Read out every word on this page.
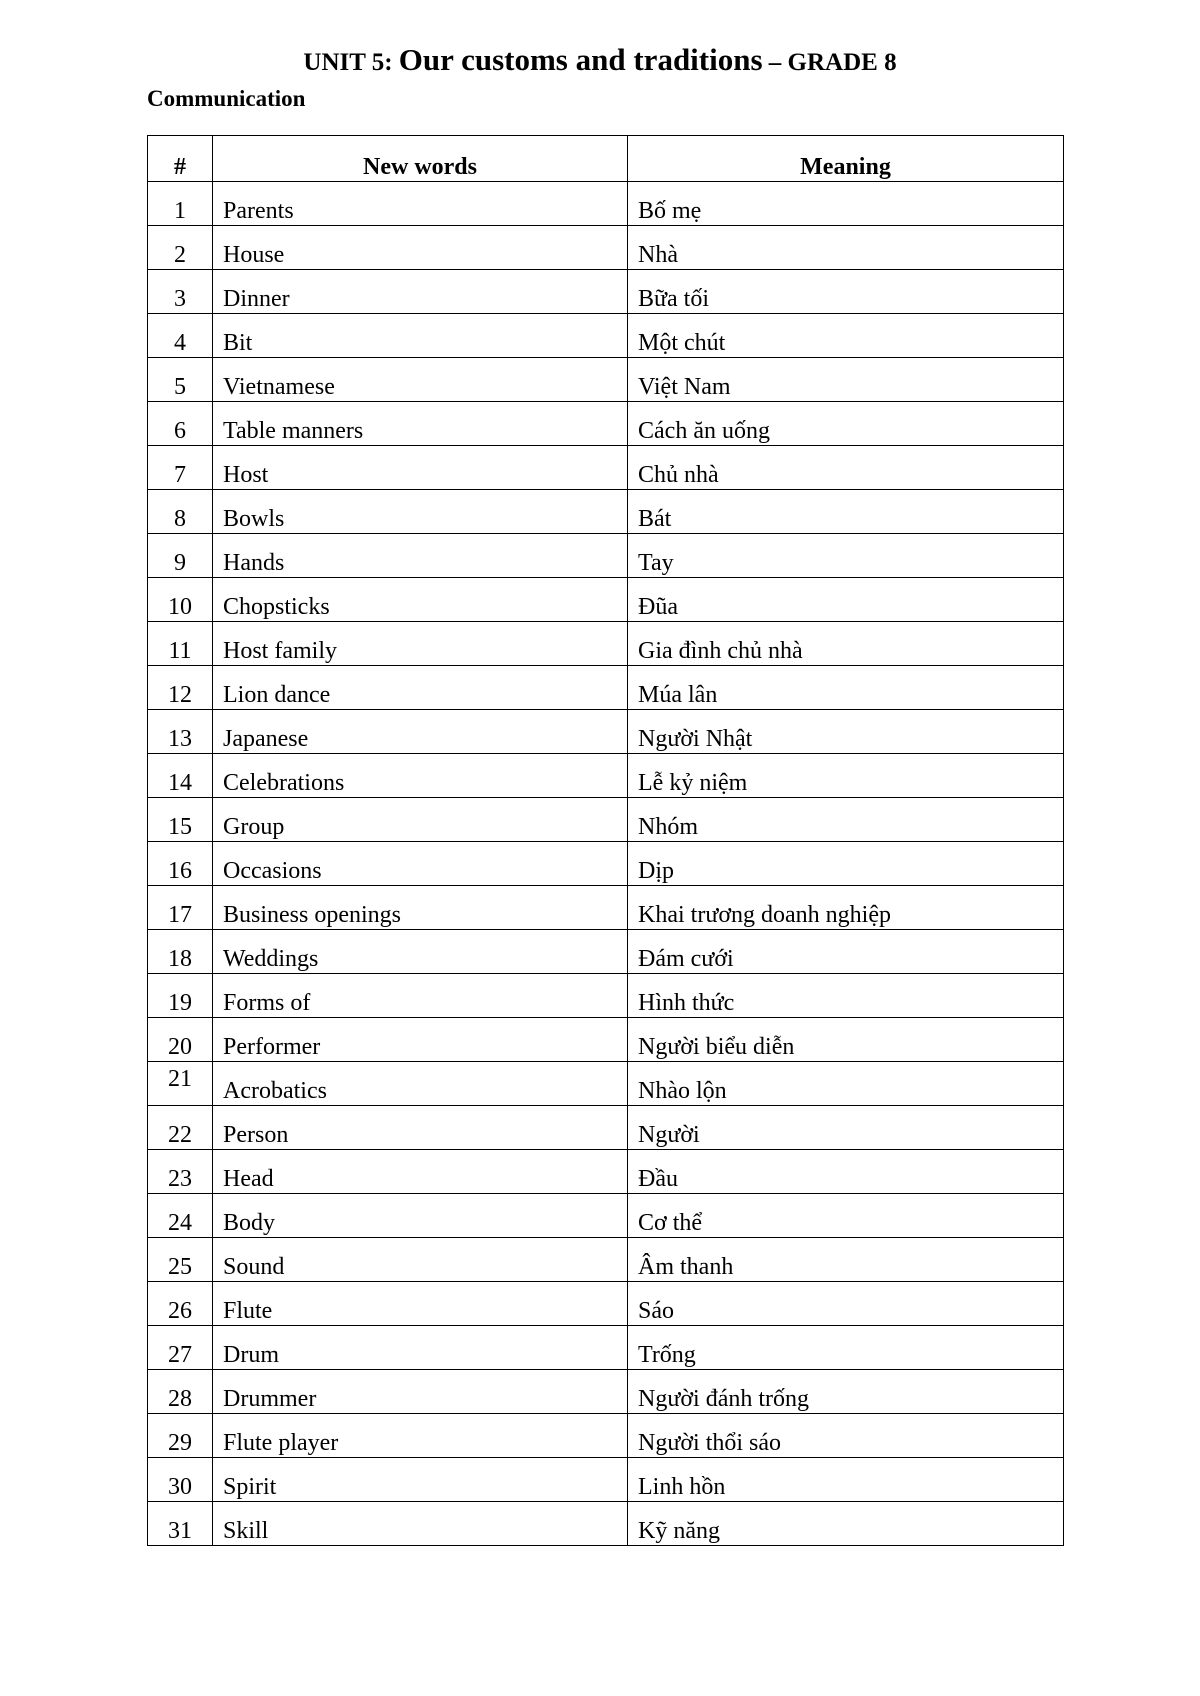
UNIT 5: Our customs and traditions – GRADE 8
Communication
#	New words	Meaning
1	Parents	Bố mẹ
2	House	Nhà
3	Dinner	Bữa tối
4	Bit	Một chút
5	Vietnamese	Việt Nam
6	Table manners	Cách ăn uống
7	Host	Chủ nhà
8	Bowls	Bát
9	Hands	Tay
10	Chopsticks	Đũa
11	Host family	Gia đình chủ nhà
12	Lion dance	Múa lân
13	Japanese	Người Nhật
14	Celebrations	Lễ kỷ niệm
15	Group	Nhóm
16	Occasions	Dịp
17	Business openings	Khai trương doanh nghiệp
18	Weddings	Đám cưới
19	Forms of	Hình thức
20	Performer	Người biểu diễn
21	Acrobatics	Nhào lộn
22	Person	Người
23	Head	Đầu
24	Body	Cơ thể
25	Sound	Âm thanh
26	Flute	Sáo
27	Drum	Trống
28	Drummer	Người đánh trống
29	Flute player	Người thổi sáo
30	Spirit	Linh hồn
31	Skill	Kỹ năng
